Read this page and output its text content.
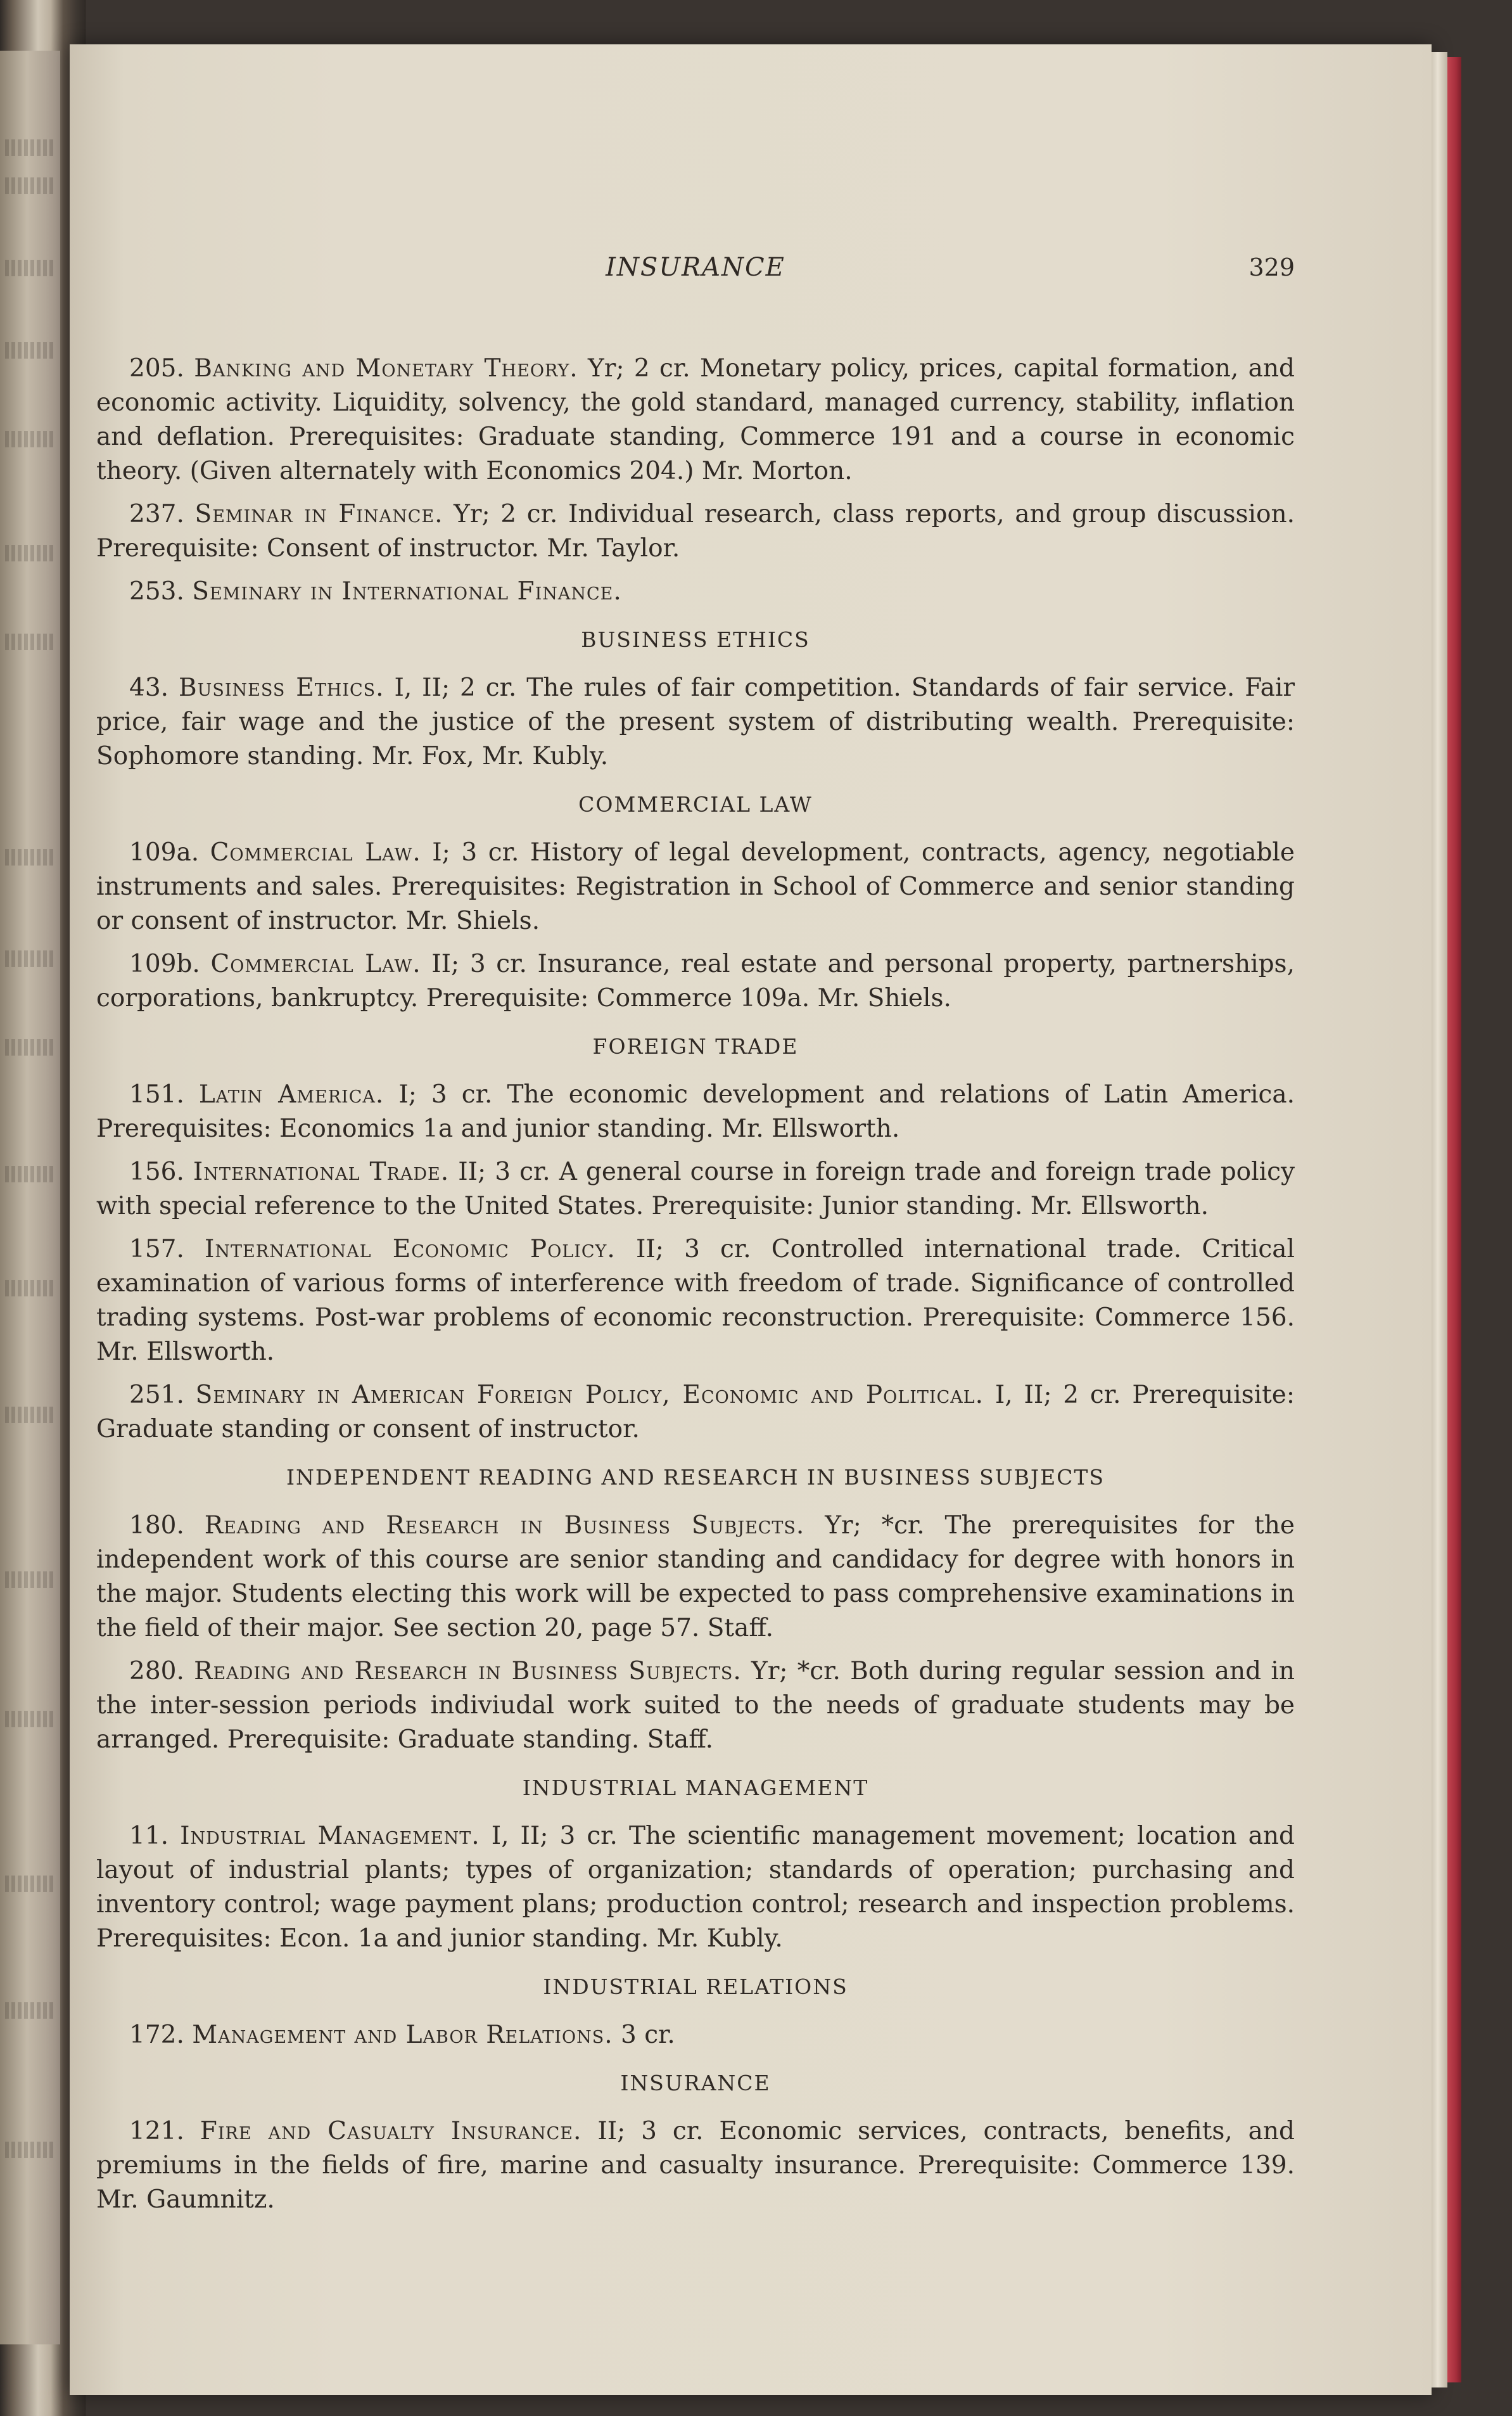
INSURANCE	329

205. Banking and Monetary Theory. Yr; 2 cr. Monetary policy, prices, capital formation, and economic activity. Liquidity, solvency, the gold standard, managed currency, stability, inflation and deflation. Prerequisites: Graduate standing, Commerce 191 and a course in economic theory. (Given alternately with Economics 204.) Mr. Morton.

237. Seminar in Finance. Yr; 2 cr. Individual research, class reports, and group discussion. Prerequisite: Consent of instructor. Mr. Taylor.

253. Seminary in International Finance.

BUSINESS ETHICS

43. Business Ethics. I, II; 2 cr. The rules of fair competition. Standards of fair service. Fair price, fair wage and the justice of the present system of distributing wealth. Prerequisite: Sophomore standing. Mr. Fox, Mr. Kubly.

COMMERCIAL LAW

109a. Commercial Law. I; 3 cr. History of legal development, contracts, agency, negotiable instruments and sales. Prerequisites: Registration in School of Commerce and senior standing or consent of instructor. Mr. Shiels.

109b. Commercial Law. II; 3 cr. Insurance, real estate and personal property, partnerships, corporations, bankruptcy. Prerequisite: Commerce 109a. Mr. Shiels.

FOREIGN TRADE

151. Latin America. I; 3 cr. The economic development and relations of Latin America. Prerequisites: Economics 1a and junior standing. Mr. Ellsworth.

156. International Trade. II; 3 cr. A general course in foreign trade and foreign trade policy with special reference to the United States. Prerequisite: Junior standing. Mr. Ellsworth.

157. International Economic Policy. II; 3 cr. Controlled international trade. Critical examination of various forms of interference with freedom of trade. Significance of controlled trading systems. Post-war problems of economic reconstruction. Prerequisite: Commerce 156. Mr. Ellsworth.

251. Seminary in American Foreign Policy, Economic and Political. I, II; 2 cr. Prerequisite: Graduate standing or consent of instructor.

INDEPENDENT READING AND RESEARCH IN BUSINESS SUBJECTS

180. Reading and Research in Business Subjects. Yr; *cr. The prerequisites for the independent work of this course are senior standing and candidacy for degree with honors in the major. Students electing this work will be expected to pass comprehensive examinations in the field of their major. See section 20, page 57. Staff.

280. Reading and Research in Business Subjects. Yr; *cr. Both during regular session and in the inter-session periods indiviudal work suited to the needs of graduate students may be arranged. Prerequisite: Graduate standing. Staff.

INDUSTRIAL MANAGEMENT

11. Industrial Management. I, II; 3 cr. The scientific management movement; location and layout of industrial plants; types of organization; standards of operation; purchasing and inventory control; wage payment plans; production control; research and inspection problems. Prerequisites: Econ. 1a and junior standing. Mr. Kubly.

INDUSTRIAL RELATIONS

172. Management and Labor Relations. 3 cr.

INSURANCE

121. Fire and Casualty Insurance. II; 3 cr. Economic services, contracts, benefits, and premiums in the fields of fire, marine and casualty insurance. Prerequisite: Commerce 139. Mr. Gaumnitz.
